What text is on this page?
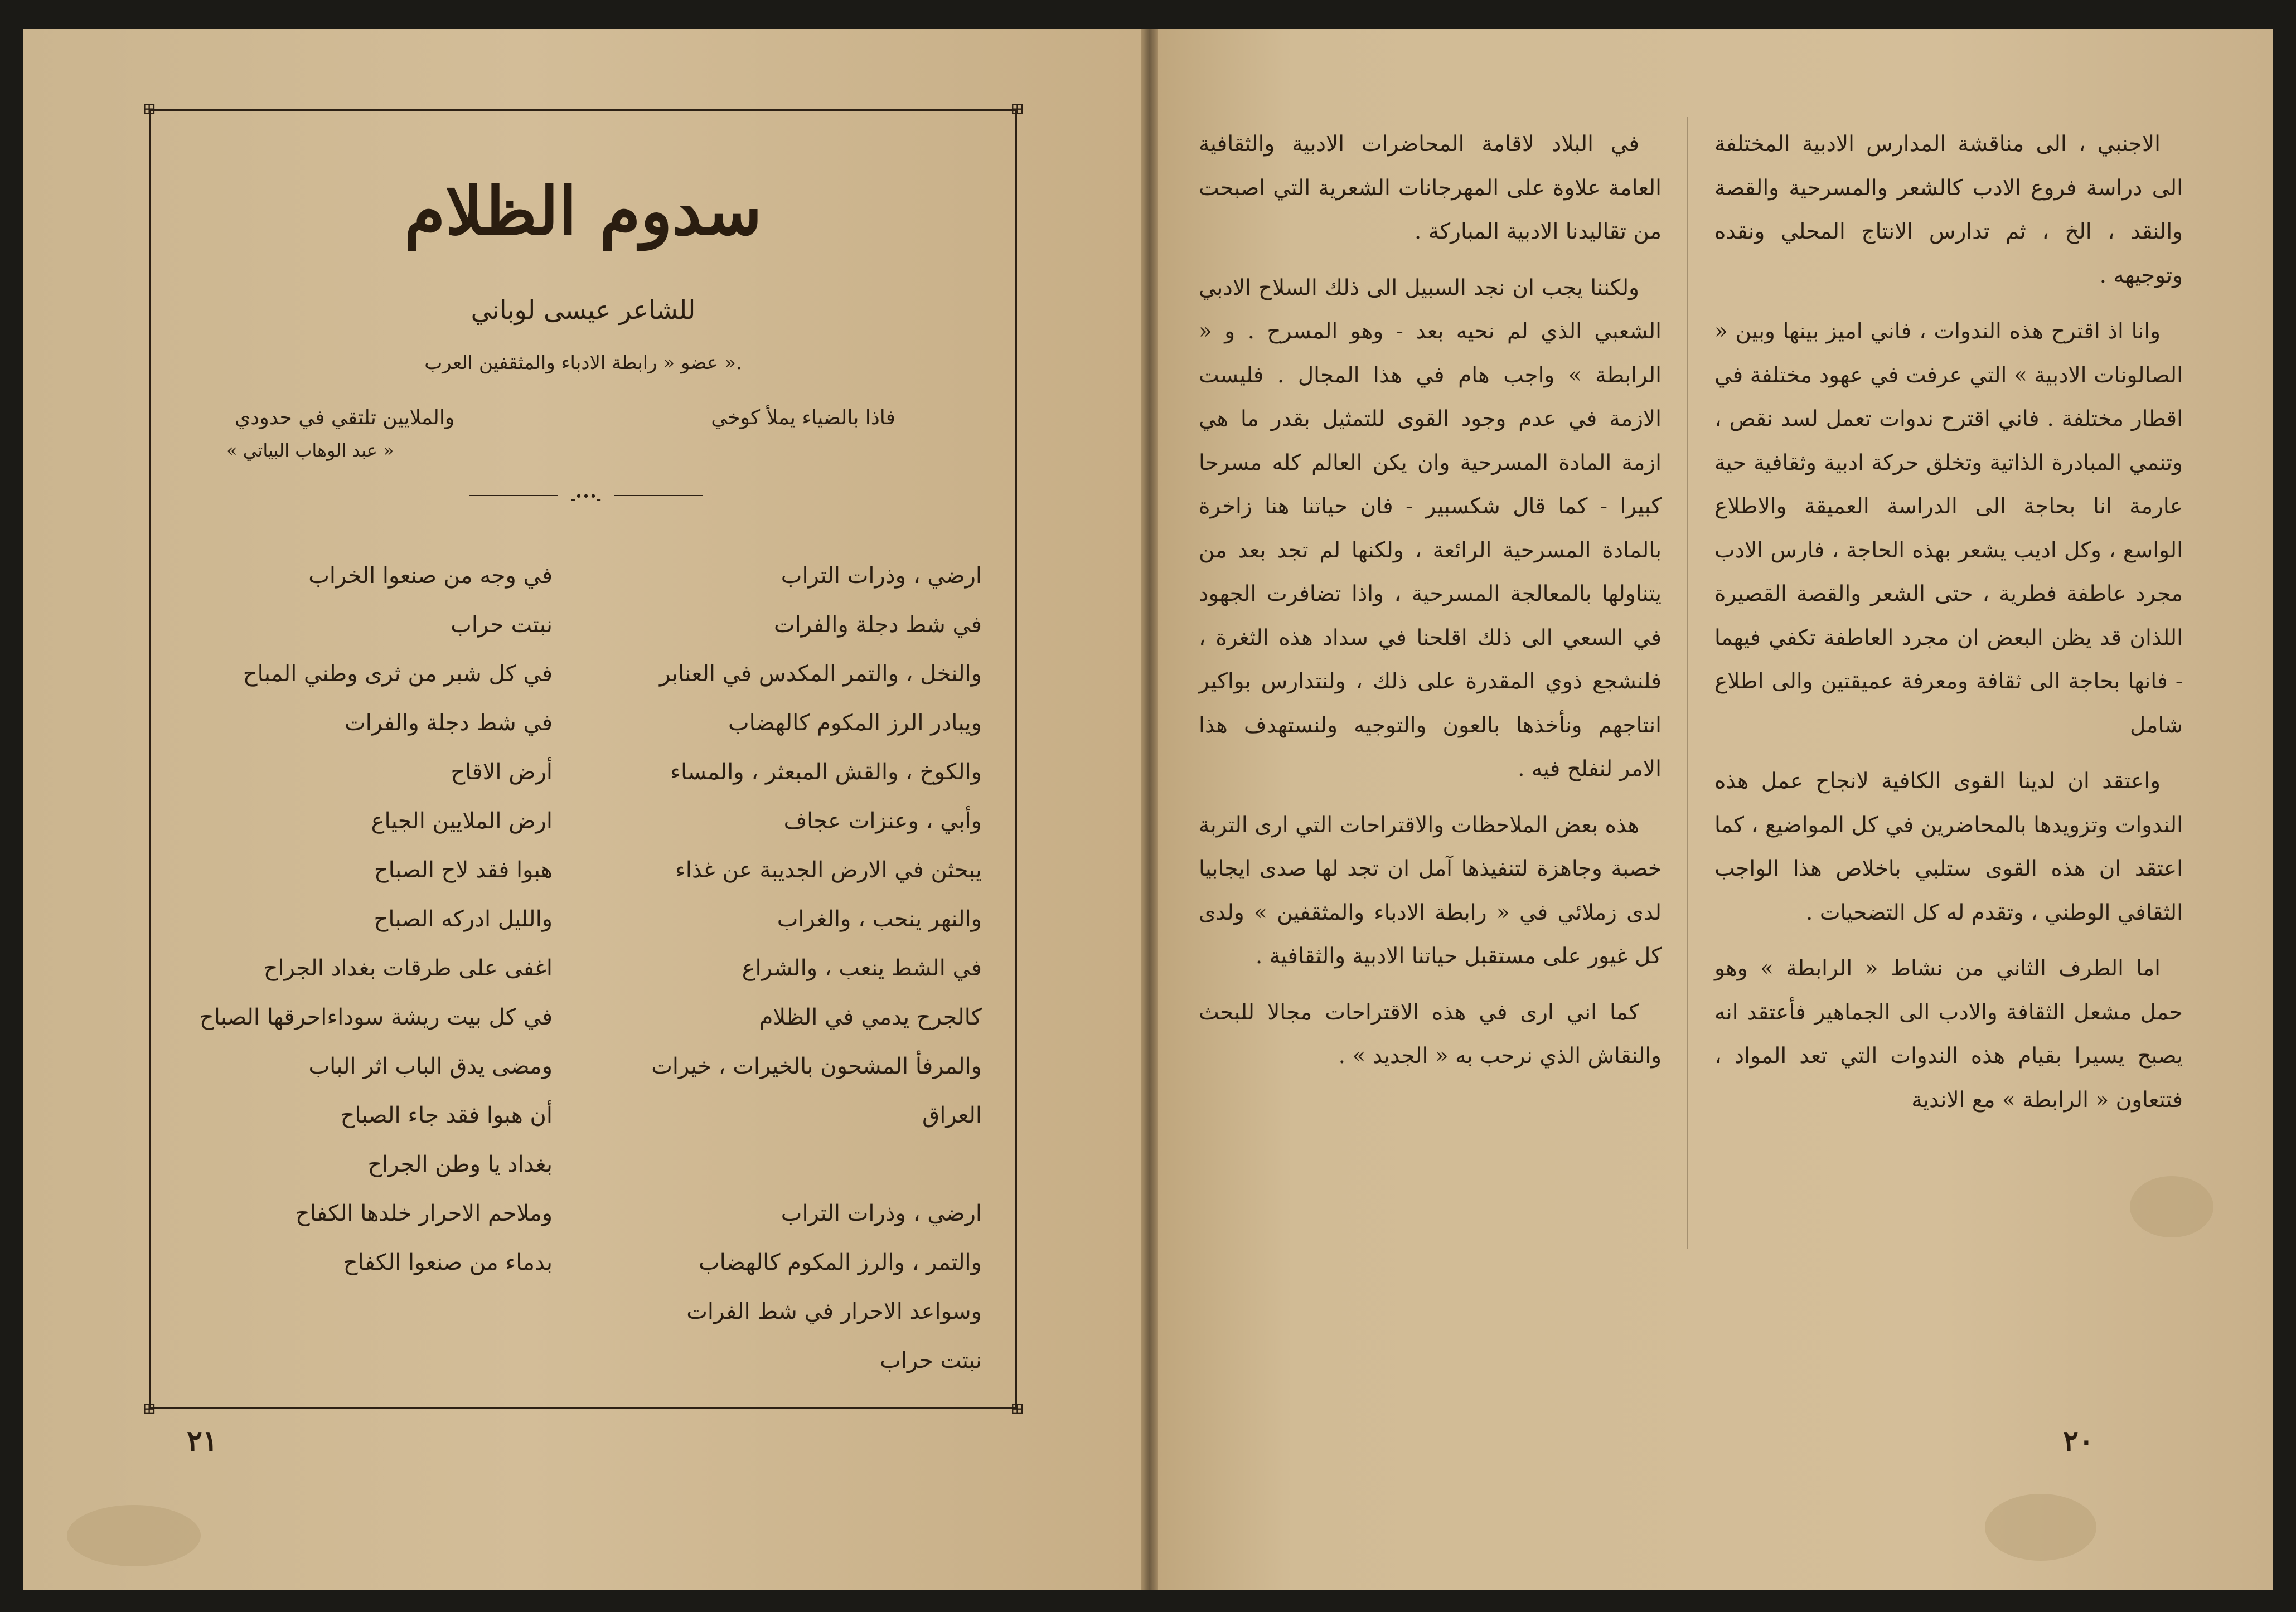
⊞	⊞
⊞	⊞
سدوم الظلام
للشاعر عيسى لوباني
عضو « رابطة الادباء والمثقفين العرب ».
والملايين تلتقي في حدودي	فاذا بالضياء يملأ كوخي
« عبد الوهاب البياتي »
ـ•••ـ

ارضي ، وذرات التراب

في شط دجلة والفرات

والنخل ، والتمر المكدس في العنابر

ويبادر الرز المكوم كالهضاب

والكوخ ، والقش المبعثر ، والمساء

وأبي ، وعنزات عجاف

يبحثن في الارض الجديبة عن غذاء

والنهر ينحب ، والغراب

في الشط ينعب ، والشراع

كالجرح يدمي في الظلام

والمرفأ المشحون بالخيرات ، خيرات

العراق

ارضي ، وذرات التراب

والتمر ، والرز المكوم كالهضاب

وسواعد الاحرار في شط الفرات

نبتت حراب

في وجه من صنعوا الخراب

نبتت حراب

في كل شبر من ثرى وطني المباح

في شط دجلة والفرات

أرض الاقاح

ارض الملايين الجياع

هبوا فقد لاح الصباح

والليل ادركه الصباح

اغفى على طرقات بغداد الجراح

في كل بيت ريشة سوداءاحرقها الصباح

ومضى يدق الباب اثر الباب

أن هبوا فقد جاء الصباح

بغداد يا وطن الجراح

وملاحم الاحرار خلدها الكفاح

بدماء من صنعوا الكفاح

٢١

الاجنبي ، الى مناقشة المدارس الادبية المختلفة الى دراسة فروع الادب كالشعر والمسرحية والقصة والنقد ، الخ ، ثم تدارس الانتاج المحلي ونقده وتوجيهه .

وانا اذ اقترح هذه الندوات ، فاني اميز بينها وبين « الصالونات الادبية » التي عرفت في عهود مختلفة في اقطار مختلفة . فاني اقترح ندوات تعمل لسد نقص ، وتنمي المبادرة الذاتية وتخلق حركة ادبية وثقافية حية عارمة انا بحاجة الى الدراسة العميقة والاطلاع الواسع ، وكل اديب يشعر بهذه الحاجة ، فارس الادب مجرد عاطفة فطرية ، حتى الشعر والقصة القصيرة اللذان قد يظن البعض ان مجرد العاطفة تكفي فيهما - فانها بحاجة الى ثقافة ومعرفة عميقتين والى اطلاع شامل

واعتقد ان لدينا القوى الكافية لانجاح عمل هذه الندوات وتزويدها بالمحاضرين في كل المواضيع ، كما اعتقد ان هذه القوى ستلبي باخلاص هذا الواجب الثقافي الوطني ، وتقدم له كل التضحيات .

اما الطرف الثاني من نشاط « الرابطة » وهو حمل مشعل الثقافة والادب الى الجماهير فأعتقد انه يصبح يسيرا بقيام هذه الندوات التي تعد المواد ، فتتعاون « الرابطة » مع الاندية

في البلاد لاقامة المحاضرات الادبية والثقافية العامة علاوة على المهرجانات الشعرية التي اصبحت من تقاليدنا الادبية المباركة .

ولكننا يجب ان نجد السبيل الى ذلك السلاح الادبي الشعبي الذي لم نحيه بعد - وهو المسرح . و « الرابطة » واجب هام في هذا المجال . فليست الازمة في عدم وجود القوى للتمثيل بقدر ما هي ازمة المادة المسرحية وان يكن العالم كله مسرحا كبيرا - كما قال شكسبير - فان حياتنا هنا زاخرة بالمادة المسرحية الرائعة ، ولكنها لم تجد بعد من يتناولها بالمعالجة المسرحية ، واذا تضافرت الجهود في السعي الى ذلك اقلحنا في سداد هذه الثغرة ، فلنشجع ذوي المقدرة على ذلك ، ولنتدارس بواكير انتاجهم ونأخذها بالعون والتوجيه ولنستهدف هذا الامر لنفلح فيه .

هذه بعض الملاحظات والاقتراحات التي ارى التربة خصبة وجاهزة لتنفيذها آمل ان تجد لها صدى ايجابيا لدى زملائي في « رابطة الادباء والمثقفين » ولدى كل غيور على مستقبل حياتنا الادبية والثقافية .

كما اني ارى في هذه الاقتراحات مجالا للبحث والنقاش الذي نرحب به « الجديد » .

٢٠
